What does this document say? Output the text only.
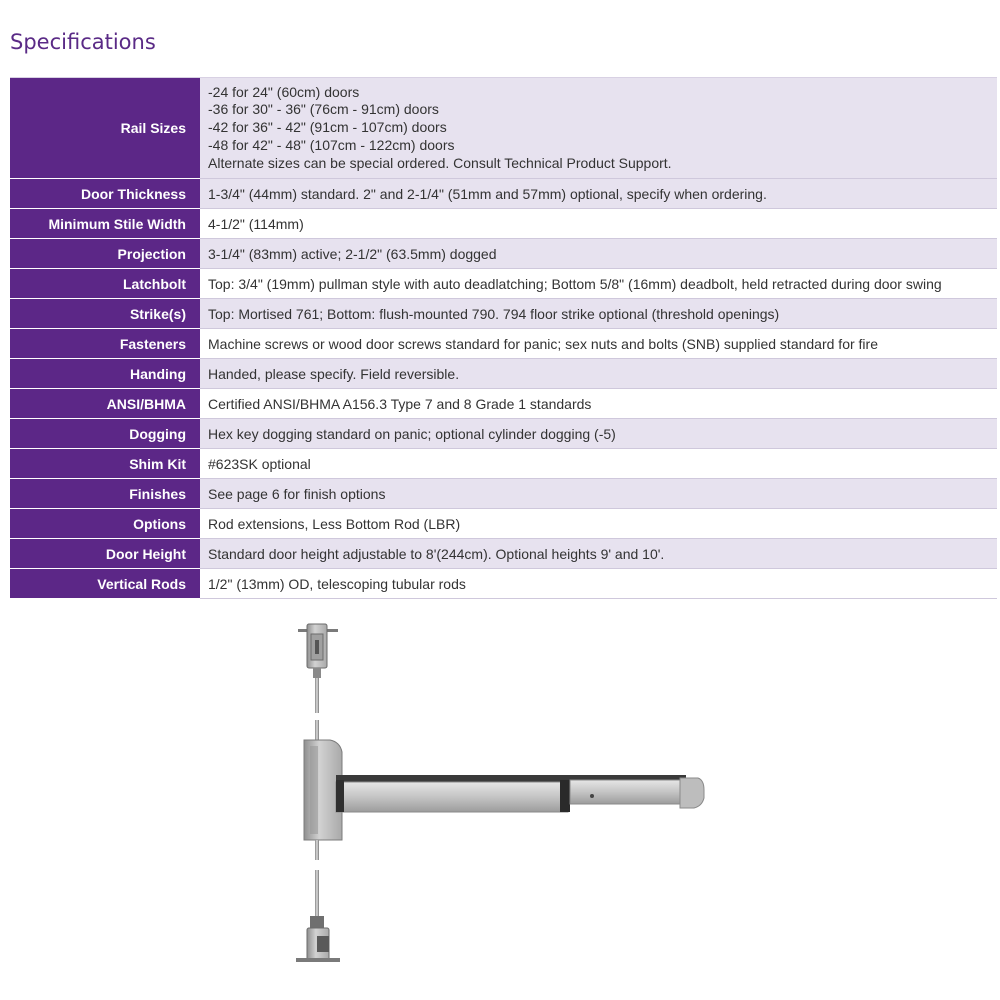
Specifications
Rail Sizes	-24 for 24" (60cm) doors
-36 for 30" - 36" (76cm - 91cm) doors
-42 for 36" - 42" (91cm - 107cm) doors
-48 for 42" - 48" (107cm - 122cm) doors
Alternate sizes can be special ordered. Consult Technical Product Support.

Door Thickness	1-3/4" (44mm) standard. 2" and 2-1/4" (51mm and 57mm) optional, specify when ordering.
Minimum Stile Width	4-1/2" (114mm)
Projection	3-1/4" (83mm) active; 2-1/2" (63.5mm) dogged
Latchbolt	Top: 3/4" (19mm) pullman style with auto deadlatching; Bottom 5/8" (16mm) deadbolt, held retracted during door swing
Strike(s)	Top: Mortised 761; Bottom: flush-mounted 790. 794 floor strike optional (threshold openings)
Fasteners	Machine screws or wood door screws standard for panic; sex nuts and bolts (SNB) supplied standard for fire
Handing	Handed, please specify. Field reversible.
ANSI/BHMA	Certified ANSI/BHMA A156.3 Type 7 and 8 Grade 1 standards
Dogging	Hex key dogging standard on panic; optional cylinder dogging (-5)
Shim Kit	#623SK optional
Finishes	See page 6 for finish options
Options	Rod extensions, Less Bottom Rod (LBR)
Door Height	Standard door height adjustable to 8'(244cm). Optional heights 9' and 10'.
Vertical Rods	1/2" (13mm) OD, telescoping tubular rods
